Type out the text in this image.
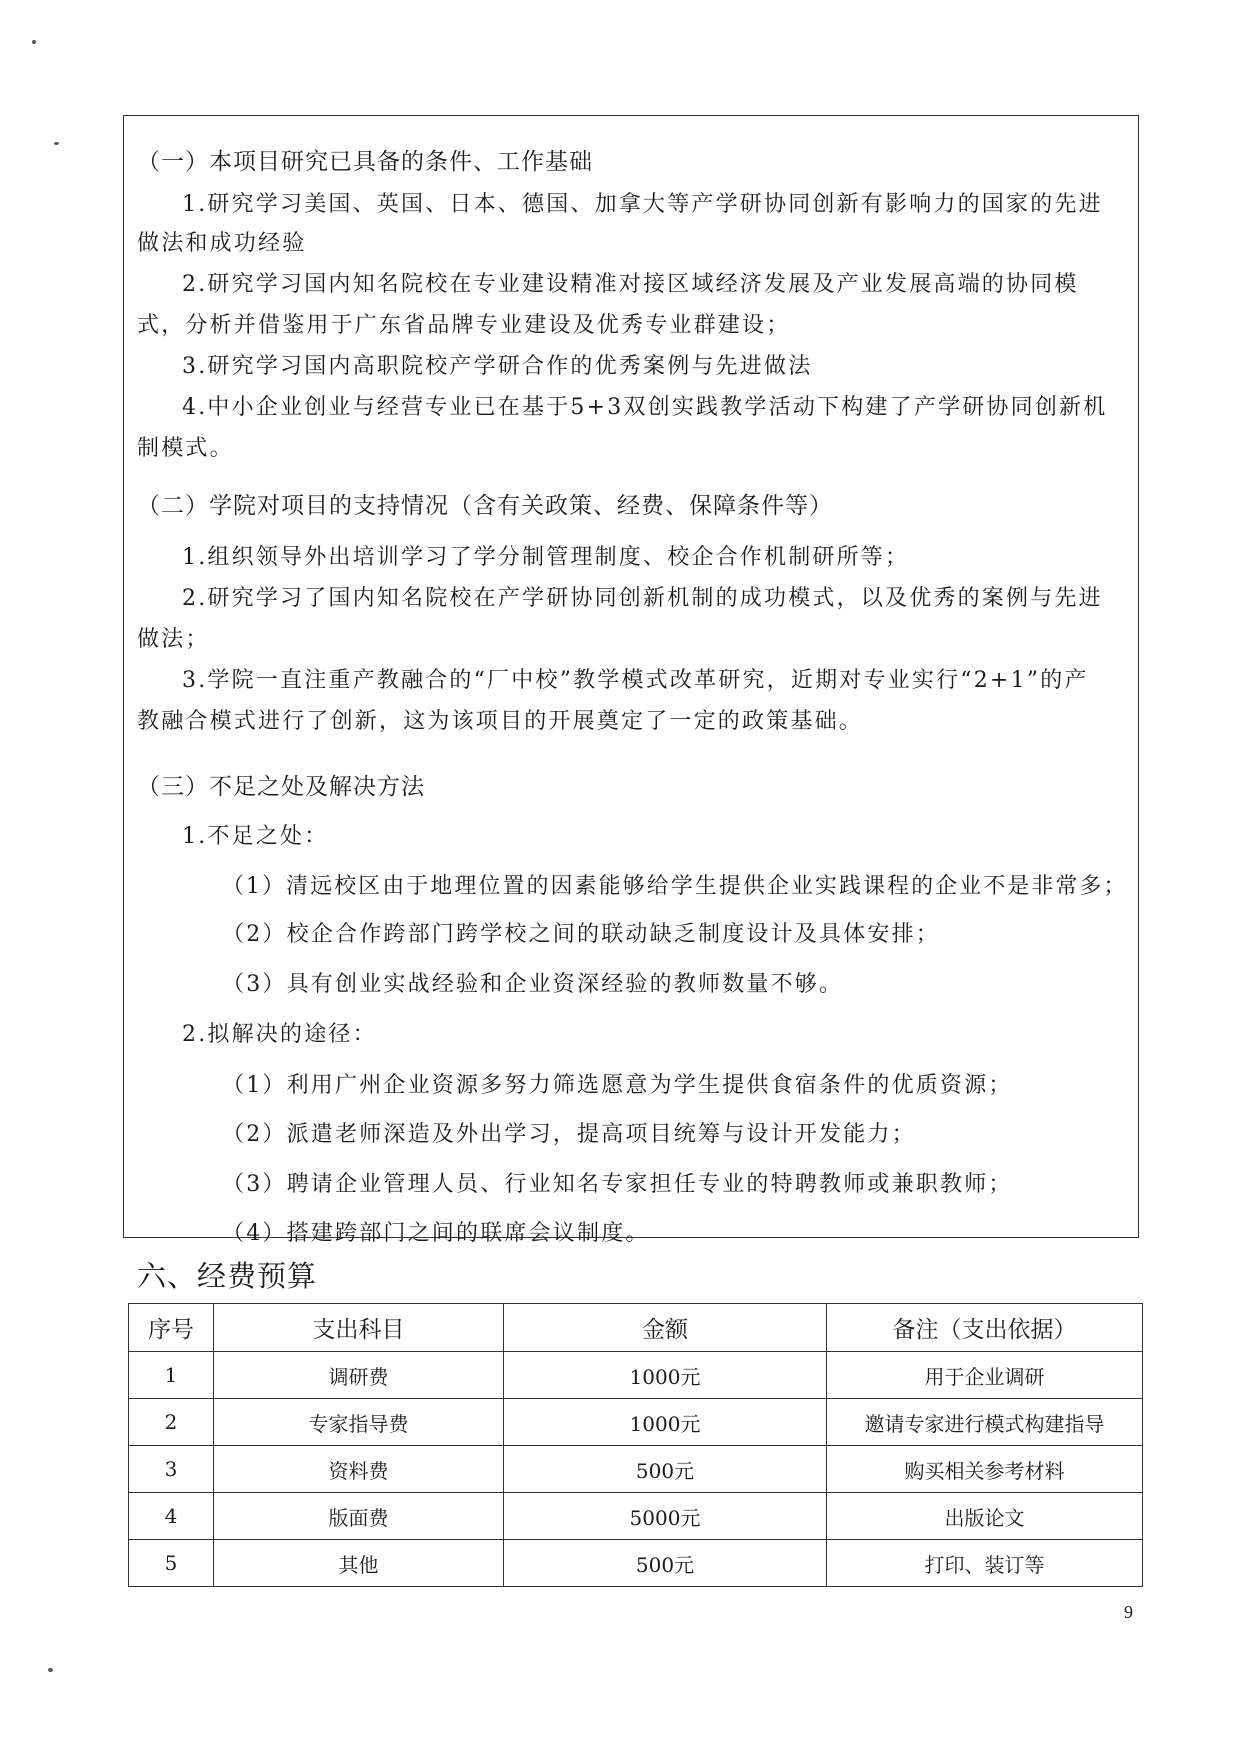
（一）本项目研究已具备的条件、工作基础
1.研究学习美国、英国、日本、德国、加拿大等产学研协同创新有影响力的国家的先进
做法和成功经验
2.研究学习国内知名院校在专业建设精准对接区域经济发展及产业发展高端的协同模
式，分析并借鉴用于广东省品牌专业建设及优秀专业群建设；
3.研究学习国内高职院校产学研合作的优秀案例与先进做法
4.中小企业创业与经营专业已在基于5+3双创实践教学活动下构建了产学研协同创新机
制模式。
（二）学院对项目的支持情况（含有关政策、经费、保障条件等）
1.组织领导外出培训学习了学分制管理制度、校企合作机制研所等；
2.研究学习了国内知名院校在产学研协同创新机制的成功模式，以及优秀的案例与先进
做法；
3.学院一直注重产教融合的“厂中校”教学模式改革研究，近期对专业实行“2+1”的产
教融合模式进行了创新，这为该项目的开展奠定了一定的政策基础。
（三）不足之处及解决方法
1.不足之处：
（1）清远校区由于地理位置的因素能够给学生提供企业实践课程的企业不是非常多；
（2）校企合作跨部门跨学校之间的联动缺乏制度设计及具体安排；
（3）具有创业实战经验和企业资深经验的教师数量不够。
2.拟解决的途径：
（1）利用广州企业资源多努力筛选愿意为学生提供食宿条件的优质资源；
（2）派遣老师深造及外出学习，提高项目统筹与设计开发能力；
（3）聘请企业管理人员、行业知名专家担任专业的特聘教师或兼职教师；
（4）搭建跨部门之间的联席会议制度。
六、经费预算
序号	支出科目	金额	备注（支出依据）
1	调研费	1000元	用于企业调研
2	专家指导费	1000元	邀请专家进行模式构建指导
3	资料费	500元	购买相关参考材料
4	版面费	5000元	出版论文
5	其他	500元	打印、装订等
9
